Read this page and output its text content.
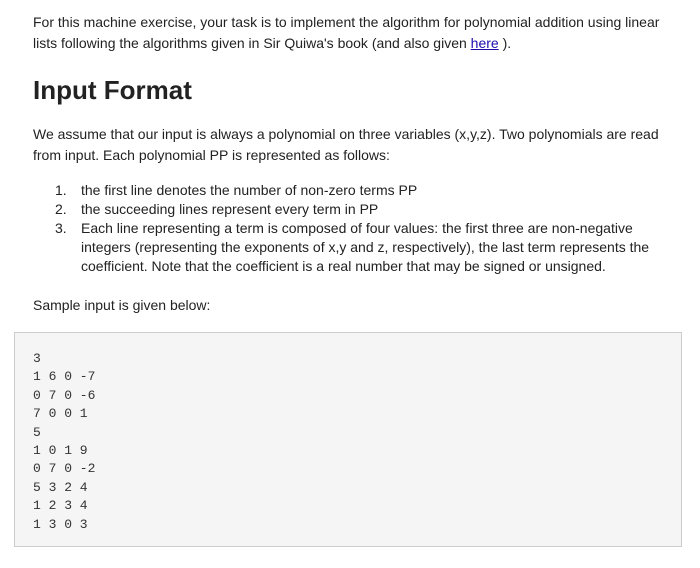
For this machine exercise, your task is to implement the algorithm for polynomial addition using linear lists following the algorithms given in Sir Quiwa's book (and also given here ).

Input Format

We assume that our input is always a polynomial on three variables (x,y,z). Two polynomials are read from input. Each polynomial PP is represented as follows:

1. the first line denotes the number of non-zero terms PP
2. the succeeding lines represent every term in PP
3. Each line representing a term is composed of four values: the first three are non-negative integers (representing the exponents of x,y and z, respectively), the last term represents the coefficient. Note that the coefficient is a real number that may be signed or unsigned.

Sample input is given below:

3
1 6 0 -7
0 7 0 -6
7 0 0 1
5
1 0 1 9
0 7 0 -2
5 3 2 4
1 2 3 4
1 3 0 3
